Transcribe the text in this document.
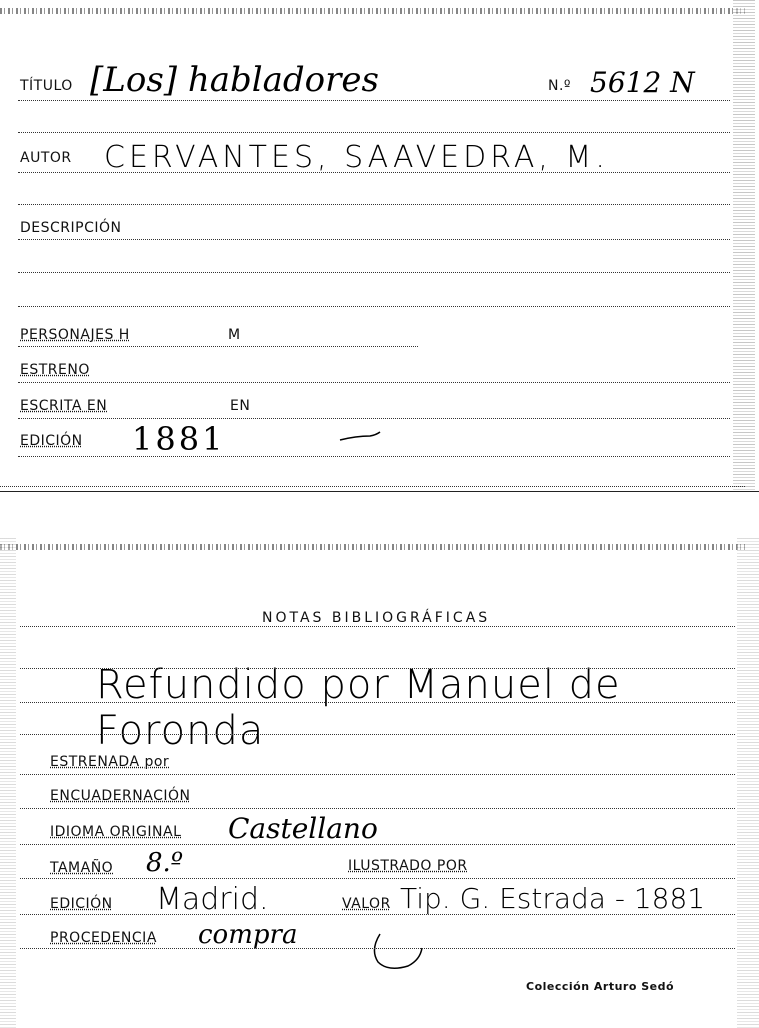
TÍTULO [Los] habladores	N.º 5612 N
AUTOR CERVANTES, SAAVEDRA, M.
DESCRIPCIÓN
PERSONAJES H	M
ESTRENO
ESCRITA EN	EN
EDICIÓN 1881
NOTAS BIBLIOGRÁFICAS
Refundido por Manuel de Foronda
ESTRENADA por
ENCUADERNACIÓN
IDIOMA ORIGINAL Castellano
TAMAÑO 8.º	ILUSTRADO POR
EDICIÓN Madrid.	VALOR Tip. G. Estrada - 1881
PROCEDENCIA compra
Colección Arturo Sedó
